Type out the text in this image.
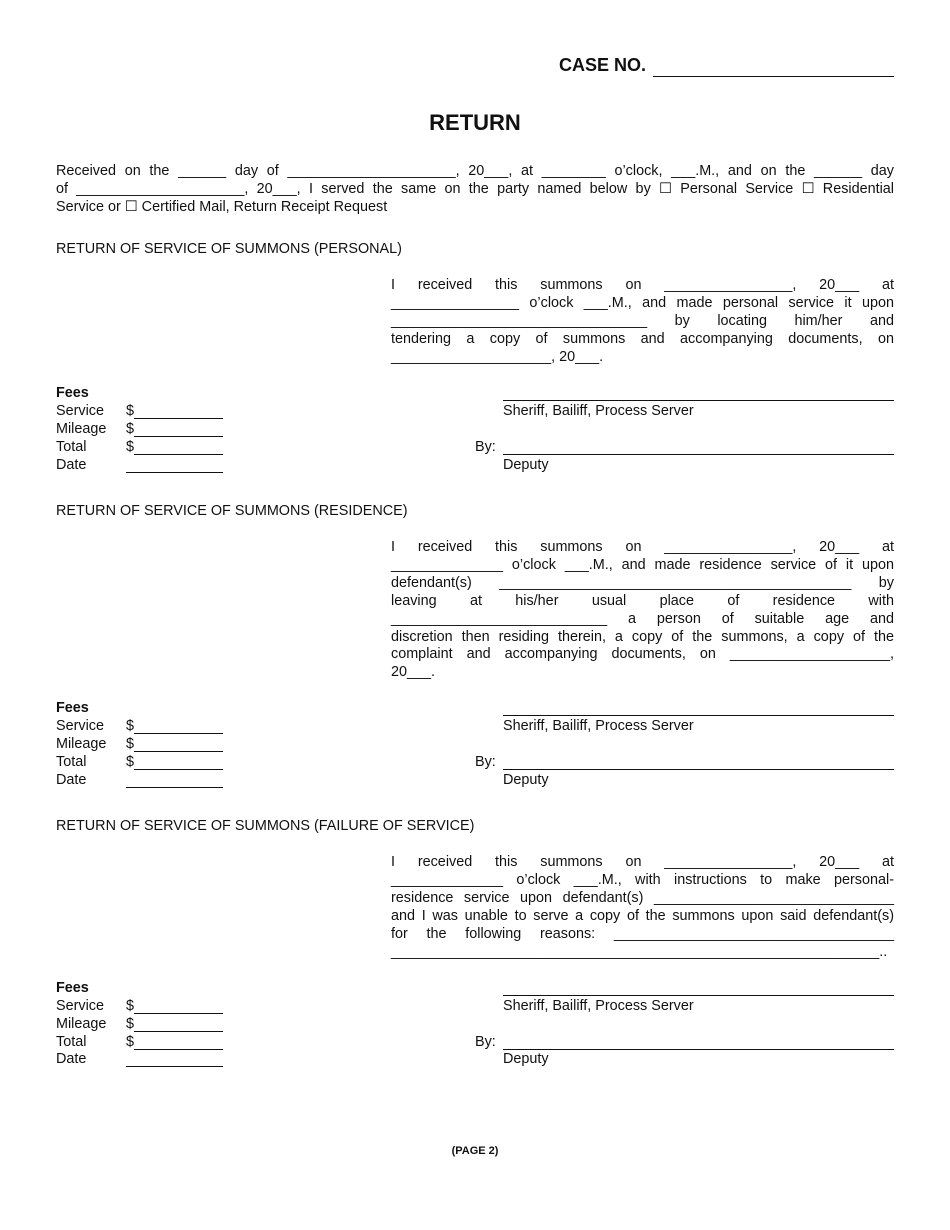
CASE NO.
RETURN
Received on the ______ day of _____________________, 20___, at ________ o’clock, ___.M., and on the ______ day
of _____________________, 20___, I served the same on the party named below by ☐ Personal Service ☐ Residential
Service or ☐ Certified Mail, Return Receipt Request
RETURN OF SERVICE OF SUMMONS (PERSONAL)
I received this summons on ________________, 20___ at
________________ o’clock ___.M., and made personal service it upon
________________________________ by locating him/her and
tendering a copy of summons and accompanying documents, on
____________________, 20___.
Fees
Service $
Mileage $
Total	$
Date
Sheriff, Bailiff, Process Server
By:
Deputy
RETURN OF SERVICE OF SUMMONS (RESIDENCE)
I received this summons on ________________, 20___ at
______________ o’clock ___.M., and made residence service of it upon
defendant(s) ____________________________________________ by
leaving at his/her usual place of residence with
___________________________ a person of suitable age and
discretion then residing therein, a copy of the summons, a copy of the
complaint and accompanying documents, on ____________________,
20___.
Fees
Service $
Mileage $
Total	$
Date
Sheriff, Bailiff, Process Server
By:
Deputy
RETURN OF SERVICE OF SUMMONS (FAILURE OF SERVICE)
I received this summons on ________________, 20___ at
______________ o’clock ___.M., with instructions to make personal-
residence service upon defendant(s) ______________________________
and I was unable to serve a copy of the summons upon said defendant(s)
for the following reasons: ___________________________________
_____________________________________________________________..
Fees
Service $
Mileage $
Total	$
Date
Sheriff, Bailiff, Process Server
By:
Deputy
(PAGE 2)
